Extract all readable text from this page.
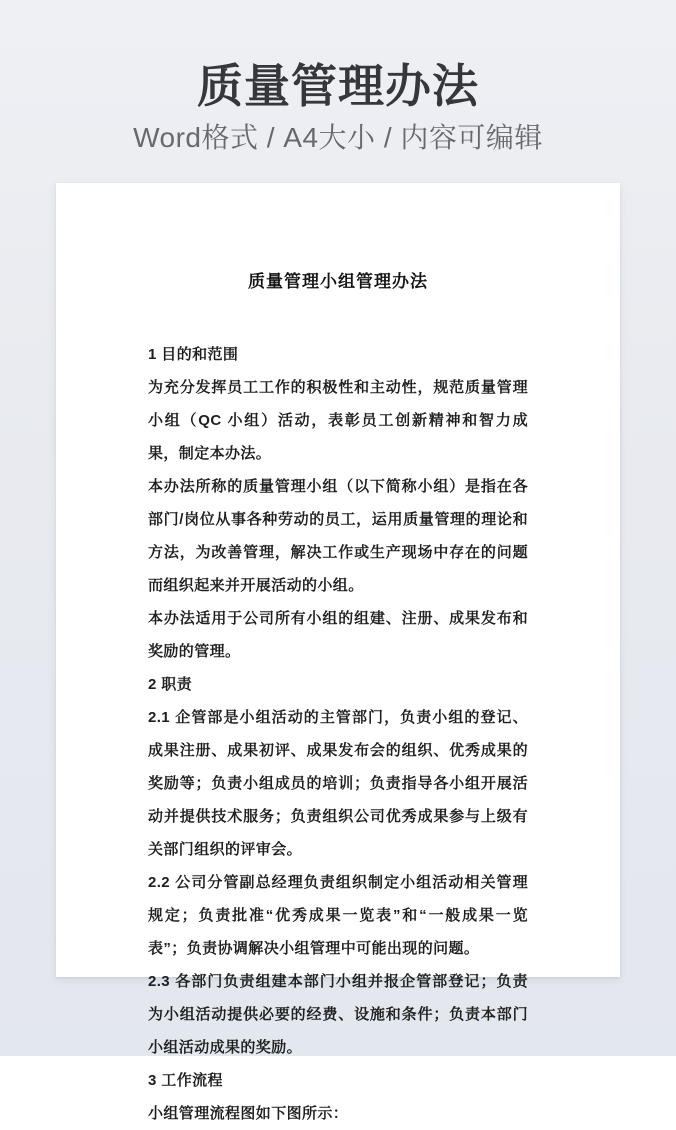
质量管理办法
Word格式 / A4大小 / 内容可编辑
质量管理小组管理办法

1 目的和范围

为充分发挥员工工作的积极性和主动性，规范质量管理小组（QC 小组）活动，表彰员工创新精神和智力成果，制定本办法。

本办法所称的质量管理小组（以下简称小组）是指在各部门/岗位从事各种劳动的员工，运用质量管理的理论和方法，为改善管理，解决工作或生产现场中存在的问题而组织起来并开展活动的小组。

本办法适用于公司所有小组的组建、注册、成果发布和奖励的管理。

2 职责

2.1 企管部是小组活动的主管部门，负责小组的登记、成果注册、成果初评、成果发布会的组织、优秀成果的奖励等；负责小组成员的培训；负责指导各小组开展活动并提供技术服务；负责组织公司优秀成果参与上级有关部门组织的评审会。

2.2 公司分管副总经理负责组织制定小组活动相关管理规定；负责批准“优秀成果一览表”和“一般成果一览表”；负责协调解决小组管理中可能出现的问题。

2.3 各部门负责组建本部门小组并报企管部登记；负责为小组活动提供必要的经费、设施和条件；负责本部门小组活动成果的奖励。

3 工作流程

小组管理流程图如下图所示：
